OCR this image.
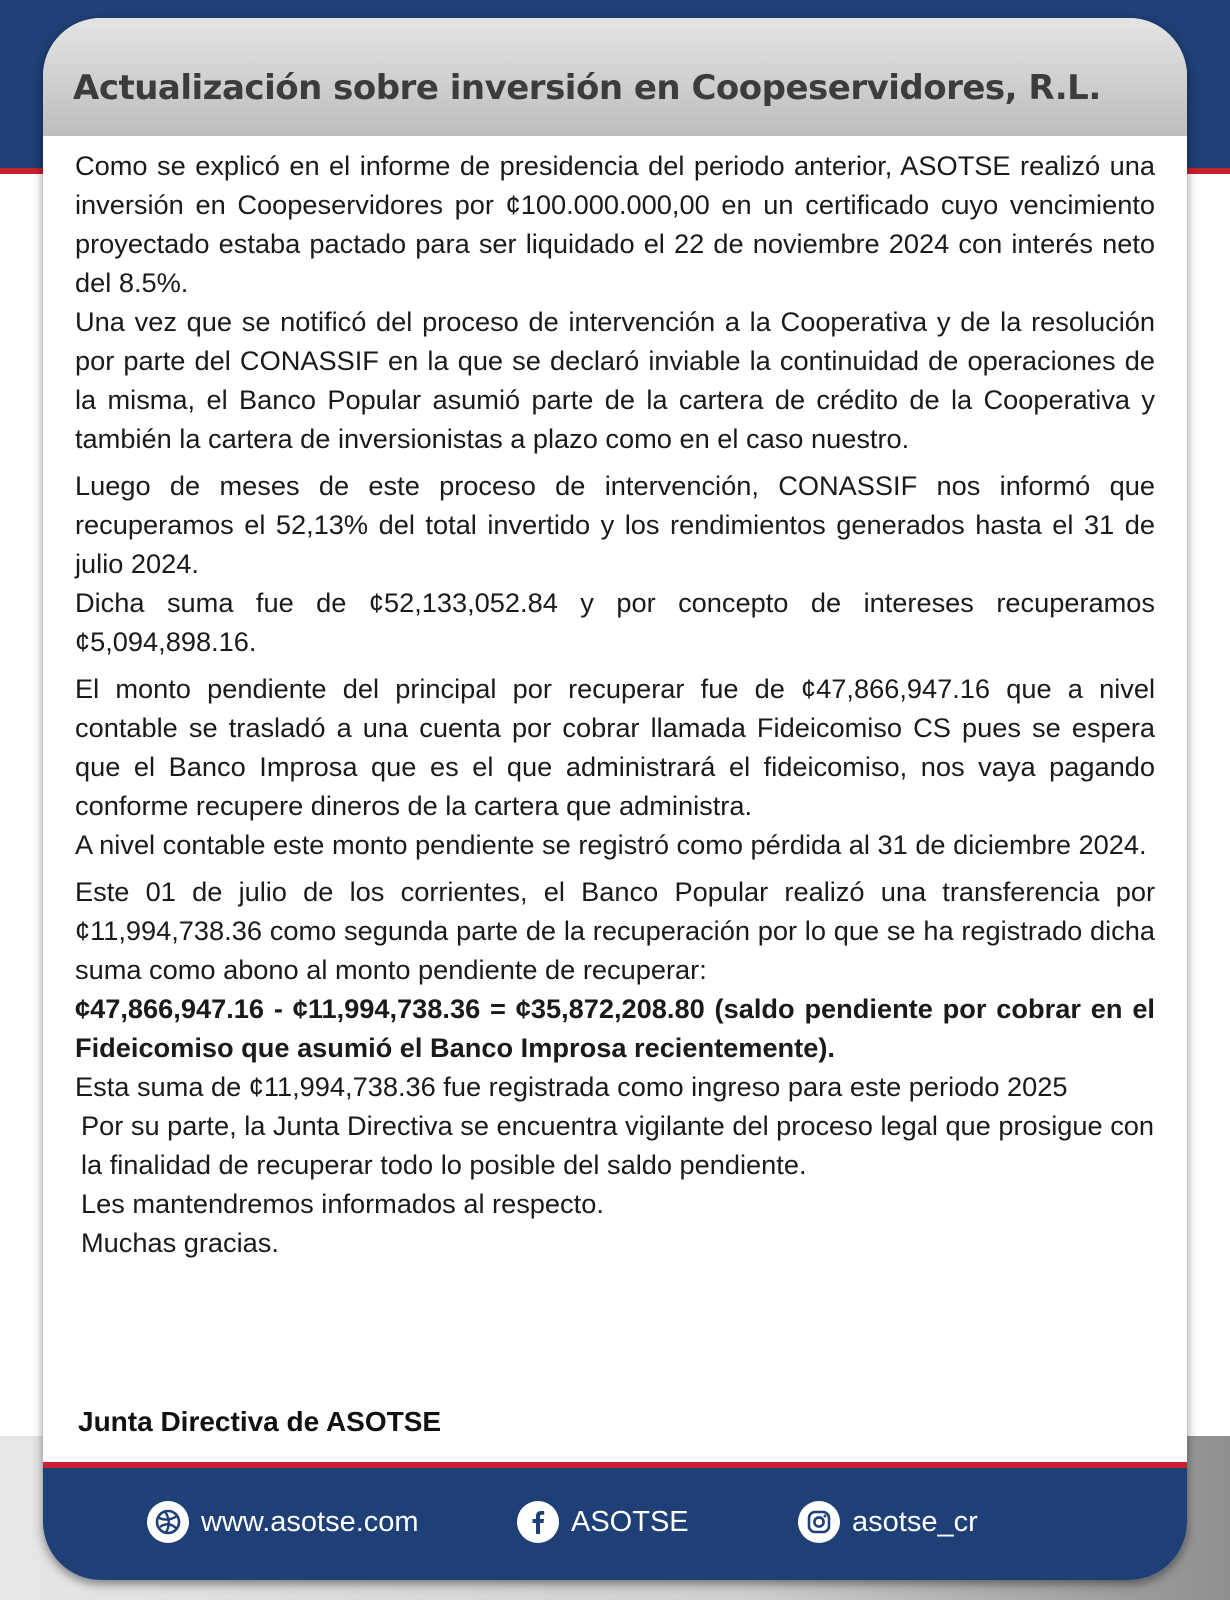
Actualización sobre inversión en Coopeservidores, R.L.

Como se explicó en el informe de presidencia del periodo anterior, ASOTSE realizó una inversión en Coopeservidores por ¢100.000.000,00 en un certificado cuyo vencimiento proyectado estaba pactado para ser liquidado el 22 de noviembre 2024 con interés neto del 8.5%.

Una vez que se notificó del proceso de intervención a la Cooperativa y de la resolución por parte del CONASSIF en la que se declaró inviable la continuidad de operaciones de la misma, el Banco Popular asumió parte de la cartera de crédito de la Cooperativa y también la cartera de inversionistas a plazo como en el caso nuestro.

Luego de meses de este proceso de intervención, CONASSIF nos informó que recuperamos el 52,13% del total invertido y los rendimientos generados hasta el 31 de julio 2024.

Dicha suma fue de ¢52,133,052.84 y por concepto de intereses recuperamos ¢5,094,898.16.

El monto pendiente del principal por recuperar fue de ¢47,866,947.16 que a nivel contable se trasladó a una cuenta por cobrar llamada Fideicomiso CS pues se espera que el Banco Improsa que es el que administrará el fideicomiso, nos vaya pagando conforme recupere dineros de la cartera que administra.

A nivel contable este monto pendiente se registró como pérdida al 31 de diciembre 2024.

Este 01 de julio de los corrientes, el Banco Popular realizó una transferencia por ¢11,994,738.36 como segunda parte de la recuperación por lo que se ha registrado dicha suma como abono al monto pendiente de recuperar:

¢47,866,947.16 - ¢11,994,738.36 = ¢35,872,208.80 (saldo pendiente por cobrar en el Fideicomiso que asumió el Banco Improsa recientemente).

Esta suma de ¢11,994,738.36 fue registrada como ingreso para este periodo 2025

Por su parte, la Junta Directiva se encuentra vigilante del proceso legal que prosigue con la finalidad de recuperar todo lo posible del saldo pendiente.

Les mantendremos informados al respecto.

Muchas gracias.

Junta Directiva de ASOTSE
www.asotse.com	ASOTSE	asotse_cr
